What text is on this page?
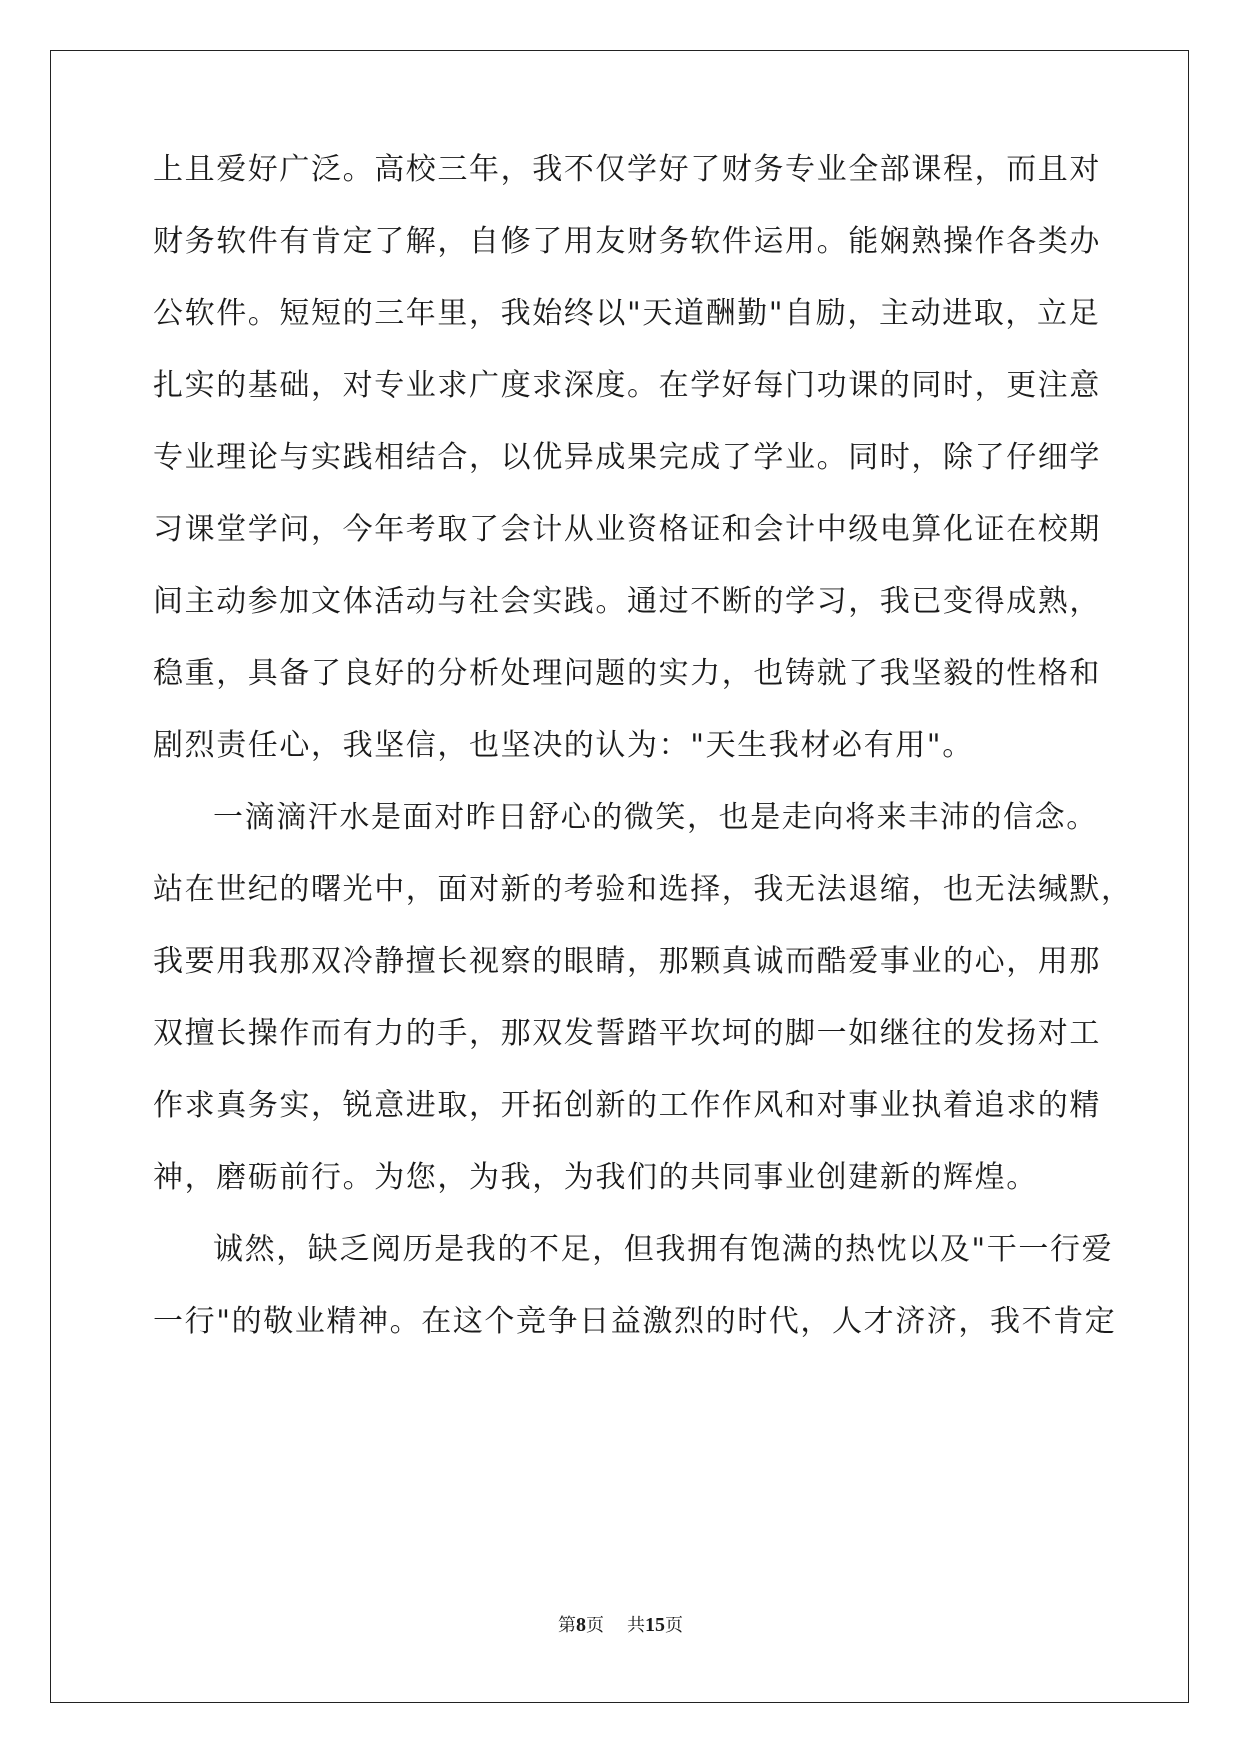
上且爱好广泛。高校三年，我不仅学好了财务专业全部课程，而且对
财务软件有肯定了解，自修了用友财务软件运用。能娴熟操作各类办
公软件。短短的三年里，我始终以"天道酬勤"自励，主动进取，立足
扎实的基础，对专业求广度求深度。在学好每门功课的同时，更注意
专业理论与实践相结合，以优异成果完成了学业。同时，除了仔细学
习课堂学问，今年考取了会计从业资格证和会计中级电算化证在校期
间主动参加文体活动与社会实践。通过不断的学习，我已变得成熟，
稳重，具备了良好的分析处理问题的实力，也铸就了我坚毅的性格和
剧烈责任心，我坚信，也坚决的认为："天生我材必有用"。
一滴滴汗水是面对昨日舒心的微笑，也是走向将来丰沛的信念。
站在世纪的曙光中，面对新的考验和选择，我无法退缩，也无法缄默，
我要用我那双冷静擅长视察的眼睛，那颗真诚而酷爱事业的心，用那
双擅长操作而有力的手，那双发誓踏平坎坷的脚一如继往的发扬对工
作求真务实，锐意进取，开拓创新的工作作风和对事业执着追求的精
神，磨砺前行。为您，为我，为我们的共同事业创建新的辉煌。
诚然，缺乏阅历是我的不足，但我拥有饱满的热忱以及"干一行爱
一行"的敬业精神。在这个竞争日益激烈的时代，人才济济，我不肯定
第8页 共15页
